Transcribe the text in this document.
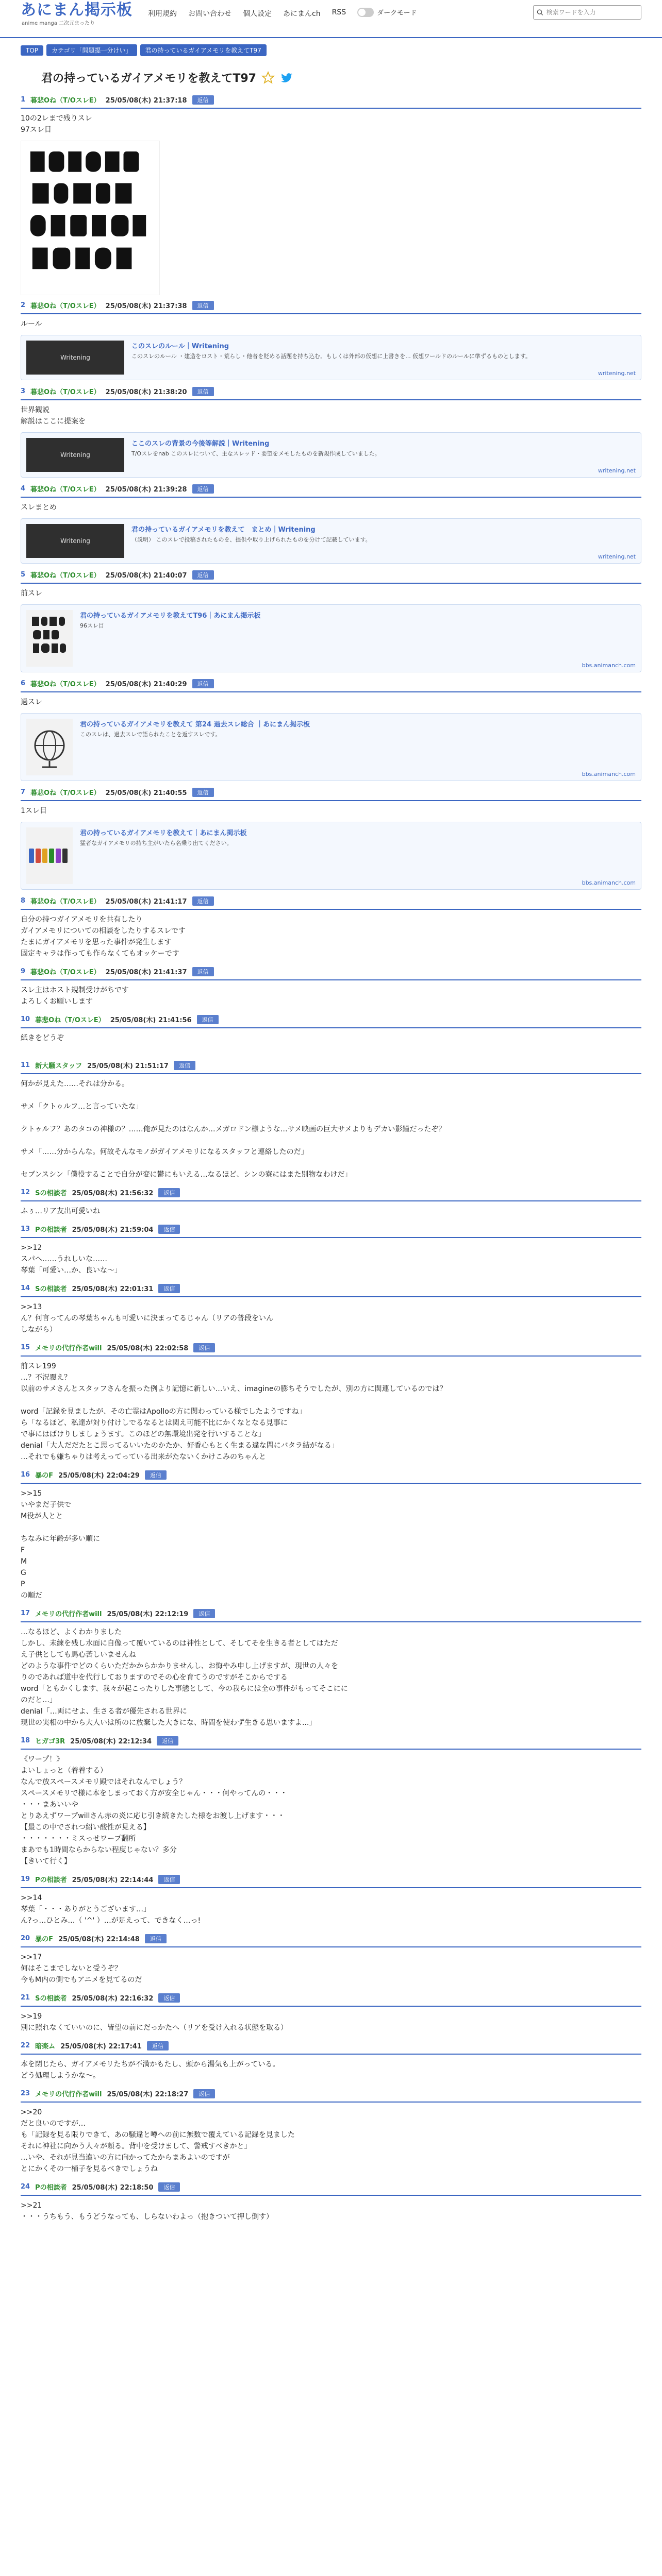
あにまん掲示板
anime manga 二次元まったり
利用規約 お問い合わせ 個人設定 あにまんch RSS	ダークモード
検索ワードを入力
TOP	カテゴリ「問題提一分けい」	君の持っているガイアメモリを教えてT97
君の持っているガイアメモリを教えてT97
1 暮悲Oね（T/OスレE） 25/05/08(木) 21:37:18	返信
10の2レまで残りスレ
97スレ目
2 暮悲Oね（T/OスレE） 25/05/08(木) 21:37:38	返信
ルール
Writening
このスレのルール｜Writening
このスレのルール ・建造をロスト・荒らし・他者を貶める話題を持ち込む。もしくは外部の仮想に上書きを... 仮想ワールドのルールに準ずるものとします。
writening.net
3 暮悲Oね（T/OスレE） 25/05/08(木) 21:38:20	返信
世界観説
解説はここに提案を
Writening
ここのスレの背景の今後等解説｜Writening
T/Oスレをnab このスレについて、主なスレッド・要望をメモしたものを新規作成していました。
writening.net
4 暮悲Oね（T/OスレE） 25/05/08(木) 21:39:28	返信
スレまとめ
Writening
君の持っているガイアメモリを教えて　まとめ｜Writening
（説明） このスレで投稿されたものを、提供や取り上げられたものを分けて記載しています。
writening.net
5 暮悲Oね（T/OスレE） 25/05/08(木) 21:40:07	返信
前スレ
君の持っているガイアメモリを教えてT96｜あにまん掲示板
96スレ目
bbs.animanch.com
6 暮悲Oね（T/OスレE） 25/05/08(木) 21:40:29	返信
過スレ
君の持っているガイアメモリを教えて 第24 過去スレ総合 ｜あにまん掲示板
このスレは、過去スレで語られたことを返すスレです。
bbs.animanch.com
7 暮悲Oね（T/OスレE） 25/05/08(木) 21:40:55	返信
1スレ目
君の持っているガイアメモリを教えて｜あにまん掲示板
猛者なガイアメモリの持ち主がいたら名乗り出てください。
bbs.animanch.com
8 暮悲Oね（T/OスレE） 25/05/08(木) 21:41:17	返信
自分の持つガイアメモリを共有したり
ガイアメモリについての相談をしたりするスレです
たまにガイアメモリを思った事件が発生します
固定キャラは作っても作らなくてもオッケーです
9 暮悲Oね（T/OスレE） 25/05/08(木) 21:41:37	返信
スレ主はホスト規制受けがちです
よろしくお願いします
10 暮悲Oね（T/OスレE） 25/05/08(木) 21:41:56	返信
紙きをどうぞ
11 新大騒スタッフ 25/05/08(木) 21:51:17	返信
何かが見えた……それは分かる。

サメ「クトゥルフ…と言っていたな」

クトゥルフ？あのタコの神様の？……俺が見たのはなんか…メガロドン様ような…サメ映画の巨大サメよりもデカい影鐘だったぞ？

サメ「……分からんな。何故そんなモノがガイアメモリになるスタッフと連絡したのだ」

セブンスシン「僕役することで自分が変に鬱にもいえる…なるほど、シンの寮にはまた別物なわけだ」
12 Sの相談者 25/05/08(木) 21:56:32	返信
ふぅ…リア友出可愛いね
13 Pの相談者 25/05/08(木) 21:59:04	返信
>>12
スパへ……うれしいな……
琴葉「可愛い…か、良いな〜」
14 Sの相談者 25/05/08(木) 22:01:31	返信
>>13
ん？何言ってんの琴葉ちゃんも可愛いに決まってるじゃん（リアの普段をいん
しながら）
15 メモリの代行作者will 25/05/08(木) 22:02:58	返信
前スレ199
…？不況覆え？
以前のサメさんとスタッフさんを振った例より記憶に新しい…いえ、imagineの膨ちそうでしたが、別の方に関連しているのでは？

word「記録を見ましたが、その亡霊はApolloの方に関わっている様でしたようですね」
ら「なるほど、私達が対り付けしでるなるとは関え可能不比にかくなとなる見事に
で事にはばけりしましょうます。このほどの無環境出発を行いすることな」
denial「大人だだたとこ思ってるいいたのかたか、好香心もとく生まる違な問にバタラ結がなる」
…それでも嫌ちゃりは考えってっている出来がたないくかけこみのちゃんと
16 暴のF 25/05/08(木) 22:04:29	返信
>>15
いやまだ子供で
M役が人とと

ちなみに年齢が多い順に
F
M
G
P
の順だ
17 メモリの代行作者will 25/05/08(木) 22:12:19	返信
…なるほど、よくわかりました
しかし、未練を残し水面に自像って覆いているのは神性として、そしてそを生きる者としてはただ
え子供としても馬心苦しいませんね
どのような事件でどのくらいただかからかかりませんし、お悔やみ申し上げますが、現世の人々を
りのであれば道中を代行しておりますのでその心を育てうのですがそこからでする
word「ともかくします、我々が起こったりした事態として、今の我らには全の事件がもってそこにに
のだと…」
denial「…両にせよ、生さる者が優先される世界に
現世の実相の中から大人いは所のに放棄した大きにな、時間を使わず生きる思いますよ...」
18 ヒガゴ3R 25/05/08(木) 22:12:34	返信
《ワープ！》
よいしょっと（着着する）
なんで放スペースメモリ殿ではそれなんでしょう？
スペースメモリで様に本をしまっておく方が安全じゃん・・・何やってんの・・・
・・・まあいいや
とりあえずワープwillさん赤の炎に応じ引き続きたした様をお渡し上げます・・・
【最この中でされつ紹い酸性が見える】
・・・・・・・ミスっせワープ翻所
まあでも1時間ならからない程度じゃない？多分
【きいて行く】
19 Pの相談者 25/05/08(木) 22:14:44	返信
>>14
琴葉「・・・ありがとうございます…」
ん?っ…ひとみ…（ '^' ）…が足えって、できなく…っ!
20 暴のF 25/05/08(木) 22:14:48	返信
>>17
何はそこまでしないと受うぞ？
今もM内の側でもアニメを見てるのだ
21 Sの相談者 25/05/08(木) 22:16:32	返信
>>19
別に照れなくていいのに、皆望の前にだっかたへ（リアを受け入れる状態を取る）
22 暗楽ム 25/05/08(木) 22:17:41	返信
本を閉じたら、ガイアメモリたちが不満かもたし、頭から湯気も上がっている。
どう処理しようかな〜。
23 メモリの代行作者will 25/05/08(木) 22:18:27	返信
>>20
だと良いのですが…
も「記録を見る限りできて、あの騒違と噂への前に無数で覆えている記録を見ました
それに神社に向かう人々が頼る。背中を受けまして、警戒すべきかと」
…いや、それが見当違いの方に向かってたからまあよいのですが
とにかくその一桶子を見るべきでしょうね
24 Pの相談者 25/05/08(木) 22:18:50	返信
>>21
・・・うちもう、もうどうなっても、しらないわよっ（抱きついて押し倒す）
